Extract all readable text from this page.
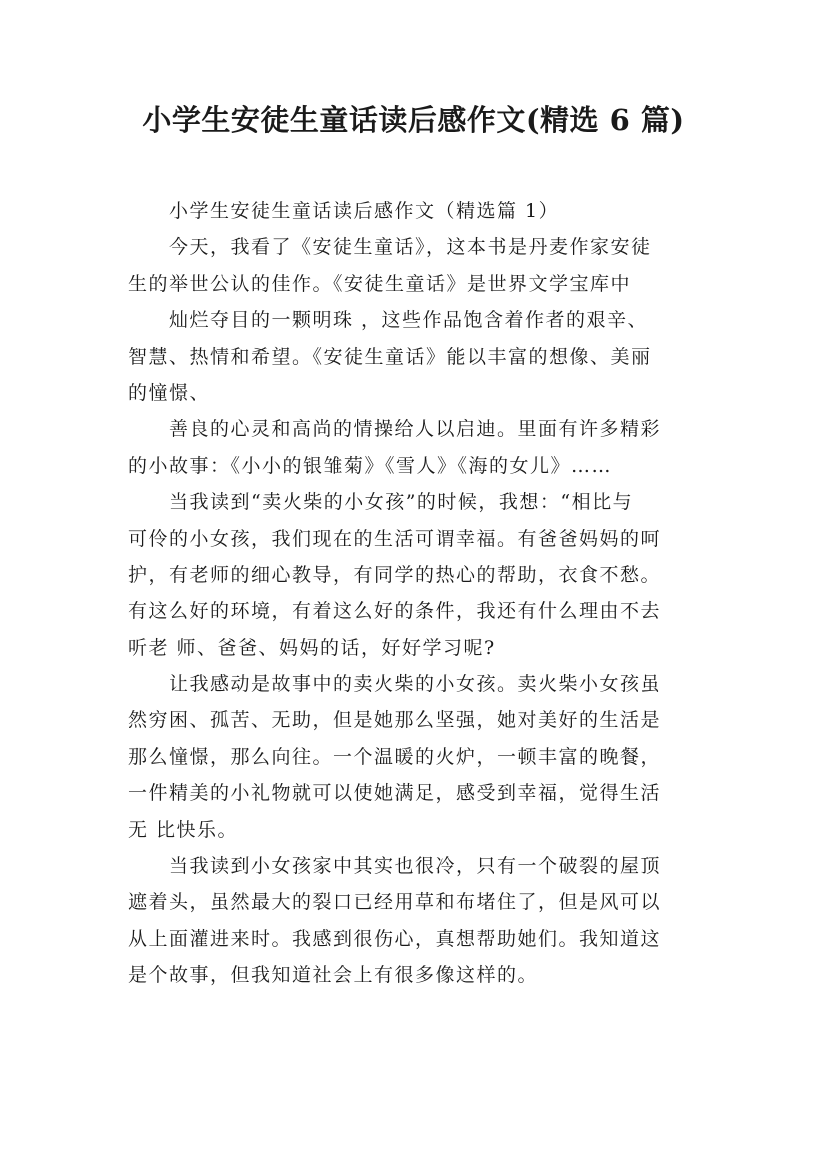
小学生安徒生童话读后感作文(精选 6 篇)
小学生安徒生童话读后感作文（精选篇 1）
今天，我看了《安徒生童话》，这本书是丹麦作家安徒
生的举世公认的佳作。《安徒生童话》是世界文学宝库中
灿烂夺目的一颗明珠 ，这些作品饱含着作者的艰辛、
智慧、热情和希望。《安徒生童话》能以丰富的想像、美丽
的憧憬、
善良的心灵和高尚的情操给人以启迪。里面有许多精彩
的小故事：《小小的银雏菊》《雪人》《海的女儿》……
当我读到“卖火柴的小女孩”的时候，我想：“相比与
可伶的小女孩，我们现在的生活可谓幸福。有爸爸妈妈的呵
护，有老师的细心教导，有同学的热心的帮助，衣食不愁。
有这么好的环境，有着这么好的条件，我还有什么理由不去
听老 师、爸爸、妈妈的话，好好学习呢?
让我感动是故事中的卖火柴的小女孩。卖火柴小女孩虽
然穷困、孤苦、无助，但是她那么坚强，她对美好的生活是
那么憧憬，那么向往。一个温暖的火炉，一顿丰富的晚餐，
一件精美的小礼物就可以使她满足，感受到幸福，觉得生活
无 比快乐。
当我读到小女孩家中其实也很冷，只有一个破裂的屋顶
遮着头，虽然最大的裂口已经用草和布堵住了，但是风可以
从上面灌进来时。我感到很伤心，真想帮助她们。我知道这
是个故事，但我知道社会上有很多像这样的。
